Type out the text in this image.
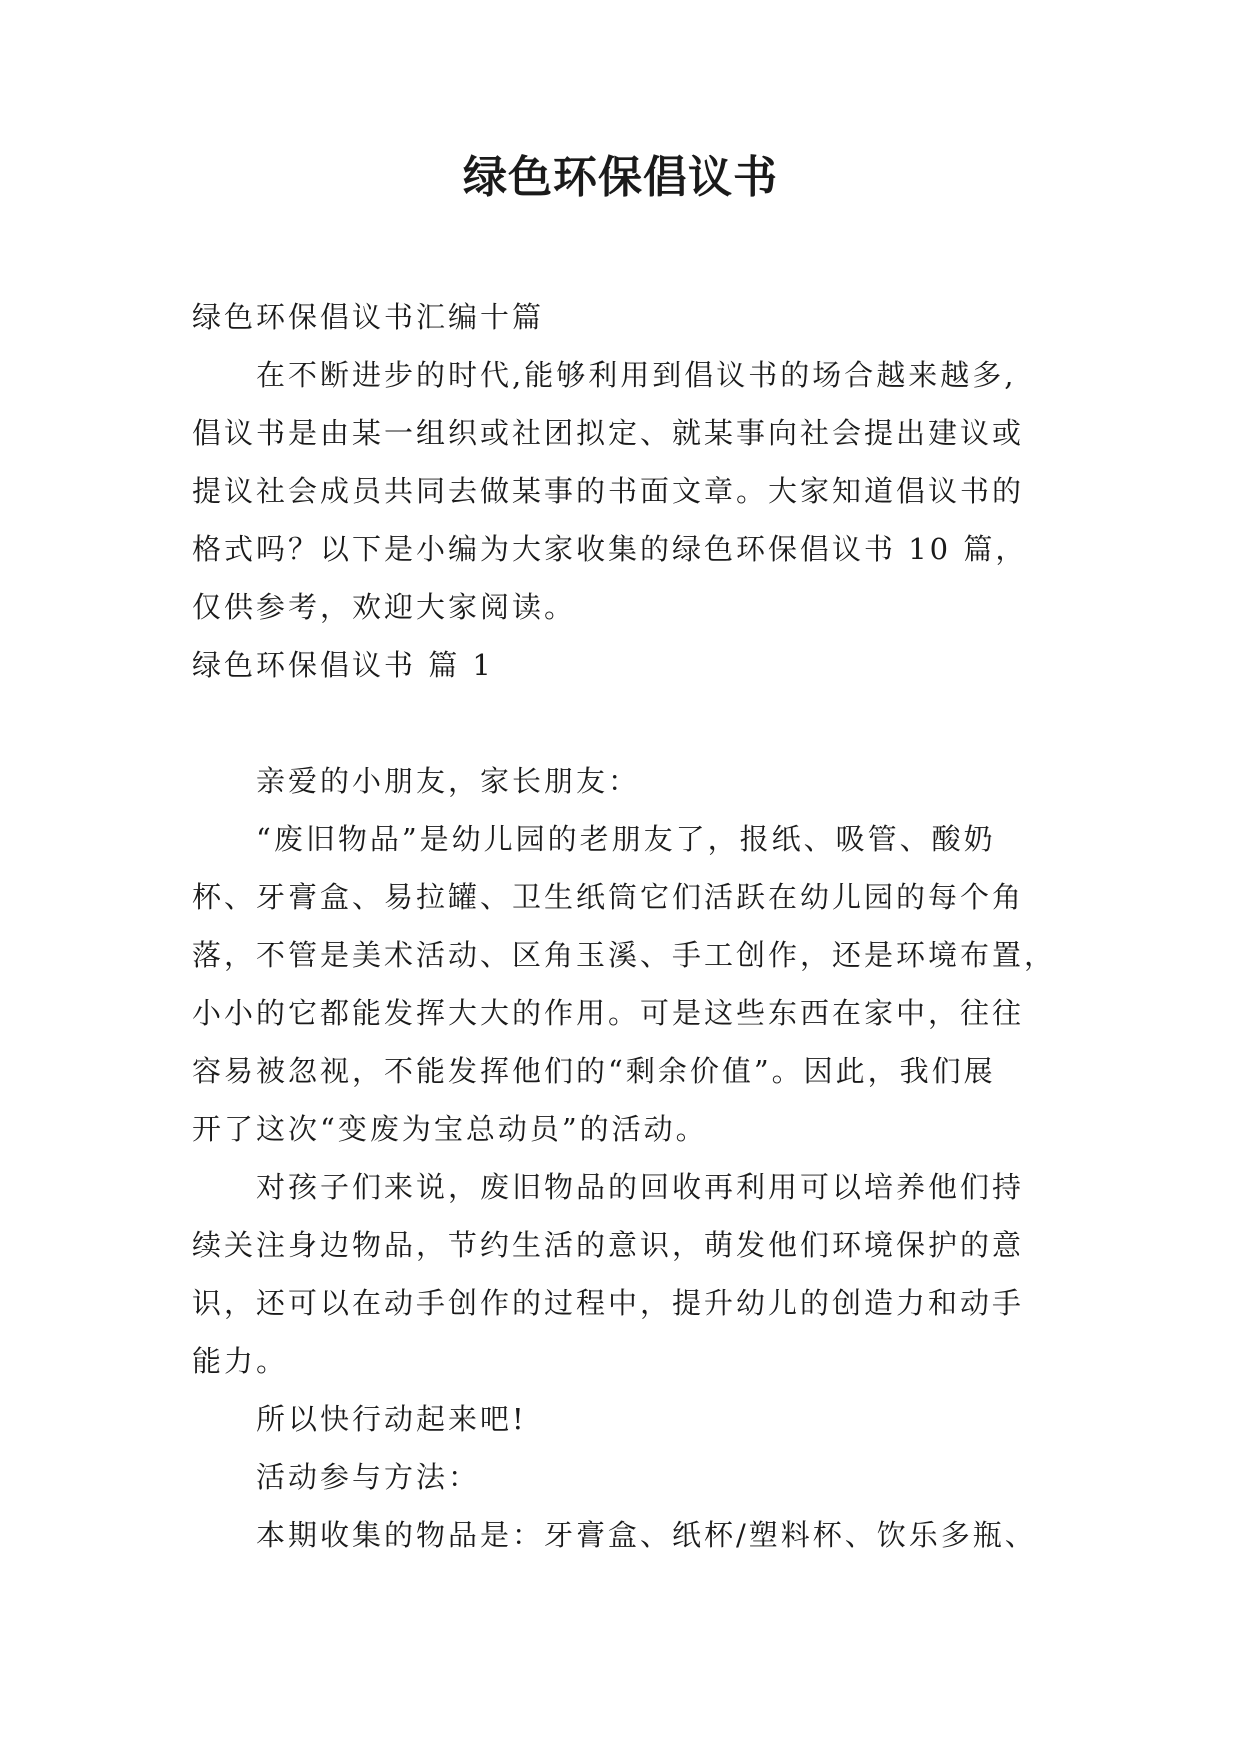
绿色环保倡议书
绿色环保倡议书汇编十篇
在不断进步的时代,能够利用到倡议书的场合越来越多,
倡议书是由某一组织或社团拟定、就某事向社会提出建议或
提议社会成员共同去做某事的书面文章。大家知道倡议书的
格式吗？以下是小编为大家收集的绿色环保倡议书 10 篇，
仅供参考，欢迎大家阅读。
绿色环保倡议书 篇 1
亲爱的小朋友，家长朋友：
“废旧物品”是幼儿园的老朋友了，报纸、吸管、酸奶
杯、牙膏盒、易拉罐、卫生纸筒它们活跃在幼儿园的每个角
落，不管是美术活动、区角玉溪、手工创作，还是环境布置，
小小的它都能发挥大大的作用。可是这些东西在家中，往往
容易被忽视，不能发挥他们的“剩余价值”。因此，我们展
开了这次“变废为宝总动员”的活动。
对孩子们来说，废旧物品的回收再利用可以培养他们持
续关注身边物品，节约生活的意识，萌发他们环境保护的意
识，还可以在动手创作的过程中，提升幼儿的创造力和动手
能力。
所以快行动起来吧!
活动参与方法：
本期收集的物品是：牙膏盒、纸杯/塑料杯、饮乐多瓶、
